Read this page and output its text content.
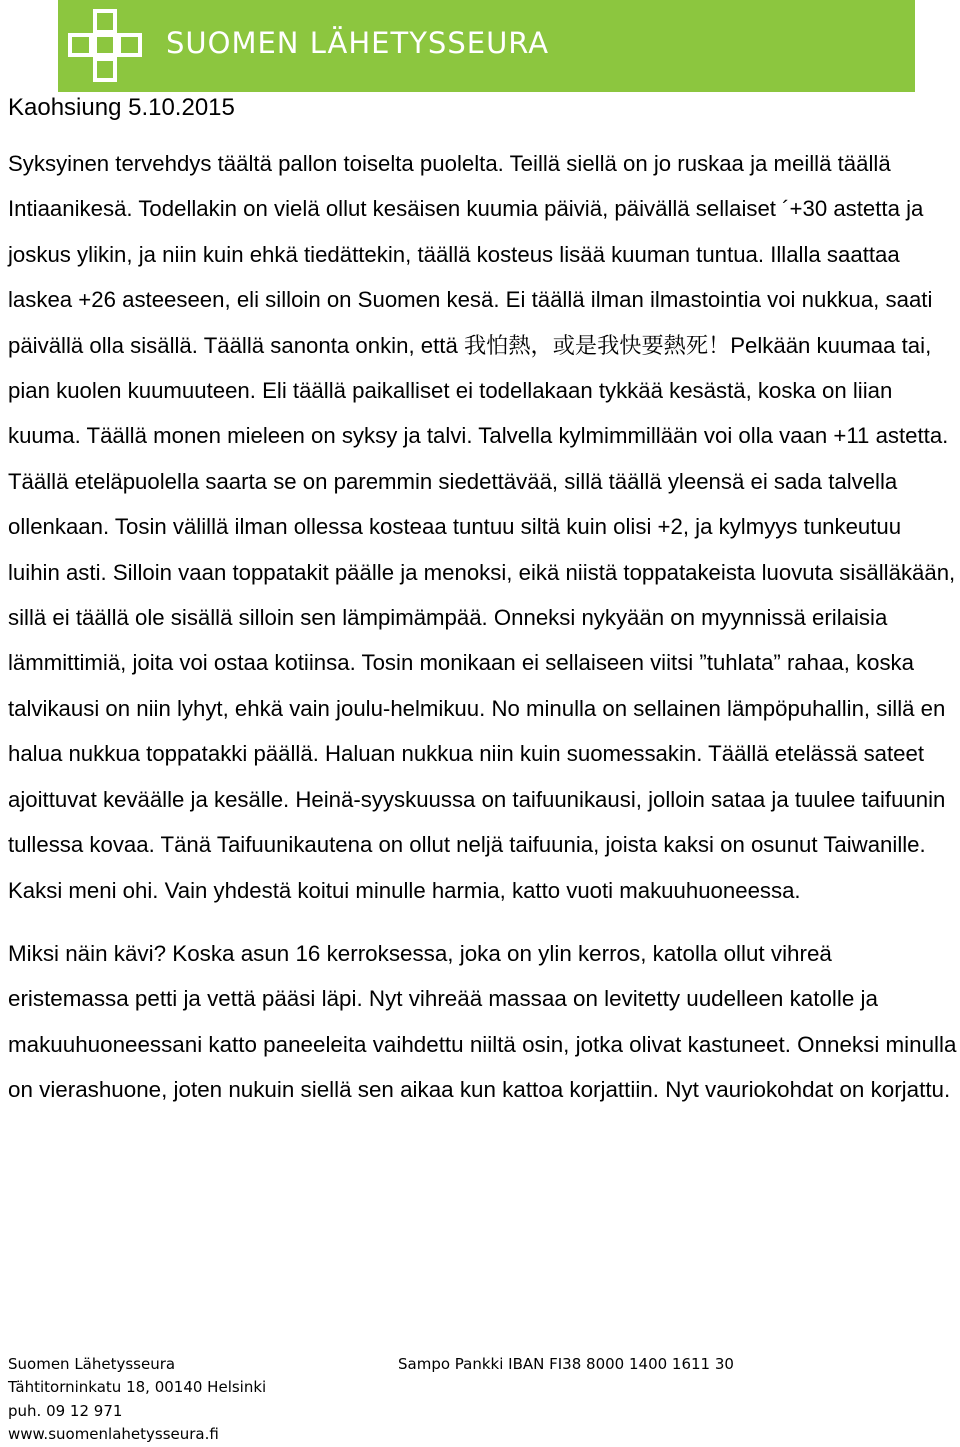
SUOMEN LÄHETYSSEURA
Kaohsiung 5.10.2015

Syksyinen tervehdys täältä pallon toiselta puolelta. Teillä siellä on jo ruskaa ja meillä täällä Intiaanikesä. Todellakin on vielä ollut kesäisen kuumia päiviä, päivällä sellaiset ´+30 astetta ja joskus ylikin, ja niin kuin ehkä tiedättekin, täällä kosteus lisää kuuman tuntua. Illalla saattaa laskea +26 asteeseen, eli silloin on Suomen kesä. Ei täällä ilman ilmastointia voi nukkua, saati päivällä olla sisällä. Täällä sanonta onkin, että 我怕熱，或是我快要熱死！Pelkään kuumaa tai, pian kuolen kuumuuteen. Eli täällä paikalliset ei todellakaan tykkää kesästä, koska on liian kuuma. Täällä monen mieleen on syksy ja talvi. Talvella kylmimmillään voi olla vaan +11 astetta. Täällä eteläpuolella saarta se on paremmin siedettävää, sillä täällä yleensä ei sada talvella ollenkaan. Tosin välillä ilman ollessa kosteaa tuntuu siltä kuin olisi +2, ja kylmyys tunkeutuu luihin asti. Silloin vaan toppatakit päälle ja menoksi, eikä niistä toppatakeista luovuta sisälläkään, sillä ei täällä ole sisällä silloin sen lämpimämpää. Onneksi nykyään on myynnissä erilaisia lämmittimiä, joita voi ostaa kotiinsa. Tosin monikaan ei sellaiseen viitsi ”tuhlata” rahaa, koska talvikausi on niin lyhyt, ehkä vain joulu-helmikuu. No minulla on sellainen lämpöpuhallin, sillä en halua nukkua toppatakki päällä. Haluan nukkua niin kuin suomessakin. Täällä etelässä sateet ajoittuvat keväälle ja kesälle. Heinä-syyskuussa on taifuunikausi, jolloin sataa ja tuulee taifuunin tullessa kovaa. Tänä Taifuunikautena on ollut neljä taifuunia, joista kaksi on osunut Taiwanille. Kaksi meni ohi. Vain yhdestä koitui minulle harmia, katto vuoti makuuhuoneessa.

Miksi näin kävi? Koska asun 16 kerroksessa, joka on ylin kerros, katolla ollut vihreä eristemassa petti ja vettä pääsi läpi. Nyt vihreää massaa on levitetty uudelleen katolle ja makuuhuoneessani katto paneeleita vaihdettu niiltä osin, jotka olivat kastuneet. Onneksi minulla on vierashuone, joten nukuin siellä sen aikaa kun kattoa korjattiin. Nyt vauriokohdat on korjattu.

Suomen Lähetysseura
Tähtitorninkatu 18, 00140 Helsinki
puh. 09 12 971
www.suomenlahetysseura.fi
Sampo Pankki IBAN FI38 8000 1400 1611 30
